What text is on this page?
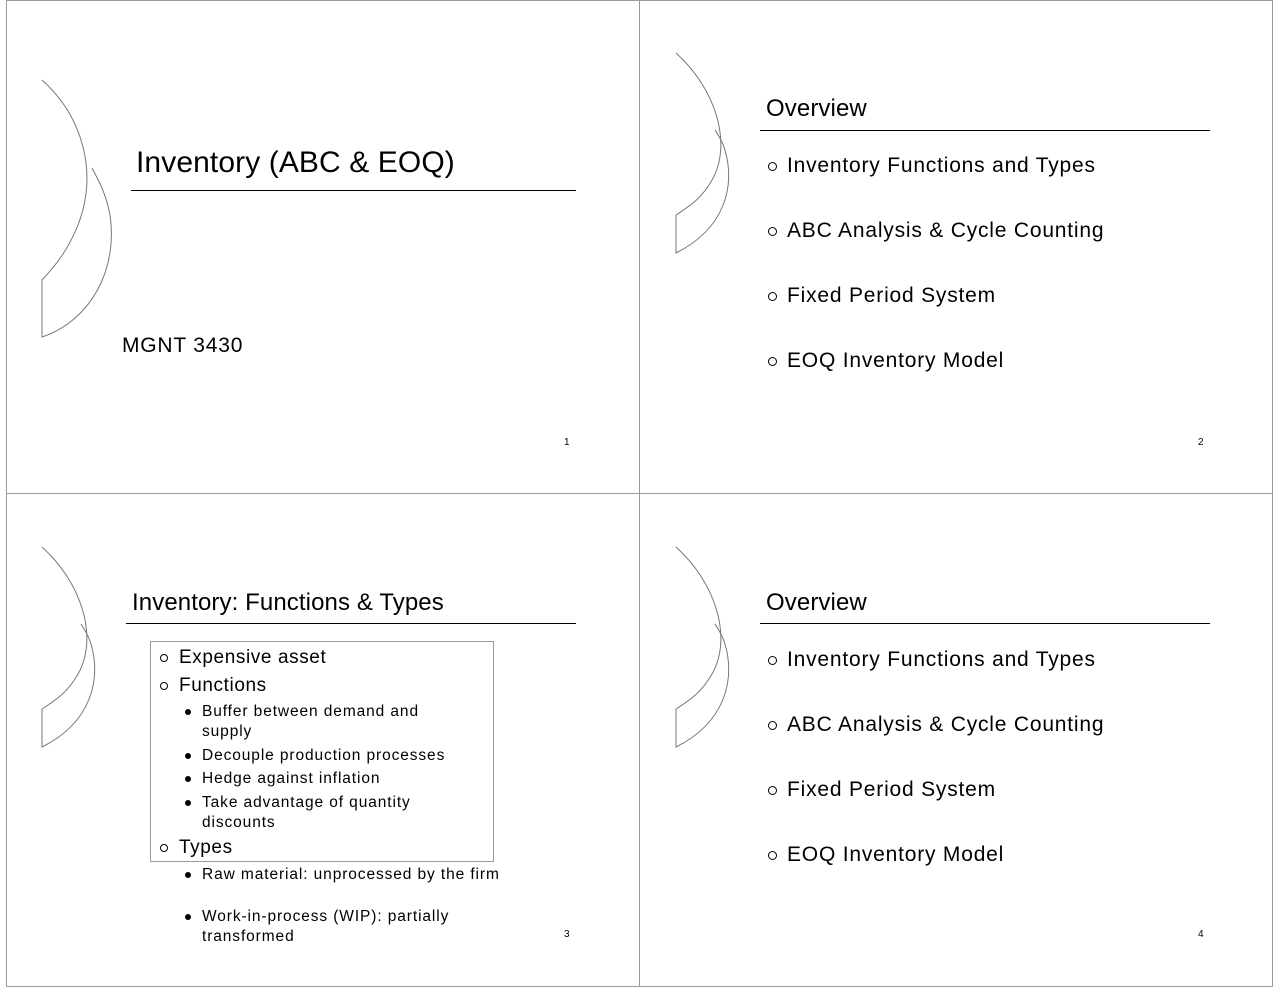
Inventory (ABC & EOQ)
MGNT 3430
1
Overview
Inventory Functions and Types
ABC Analysis & Cycle Counting
Fixed Period System
EOQ Inventory Model
2
Inventory: Functions & Types
Expensive asset
Functions
Buffer between demand and supply
Decouple production processes
Hedge against inflation
Take advantage of quantity discounts
Types
Raw material: unprocessed by the firm
Work-in-process (WIP): partially transformed	3
Overview
Inventory Functions and Types
ABC Analysis & Cycle Counting
Fixed Period System
EOQ Inventory Model
4
